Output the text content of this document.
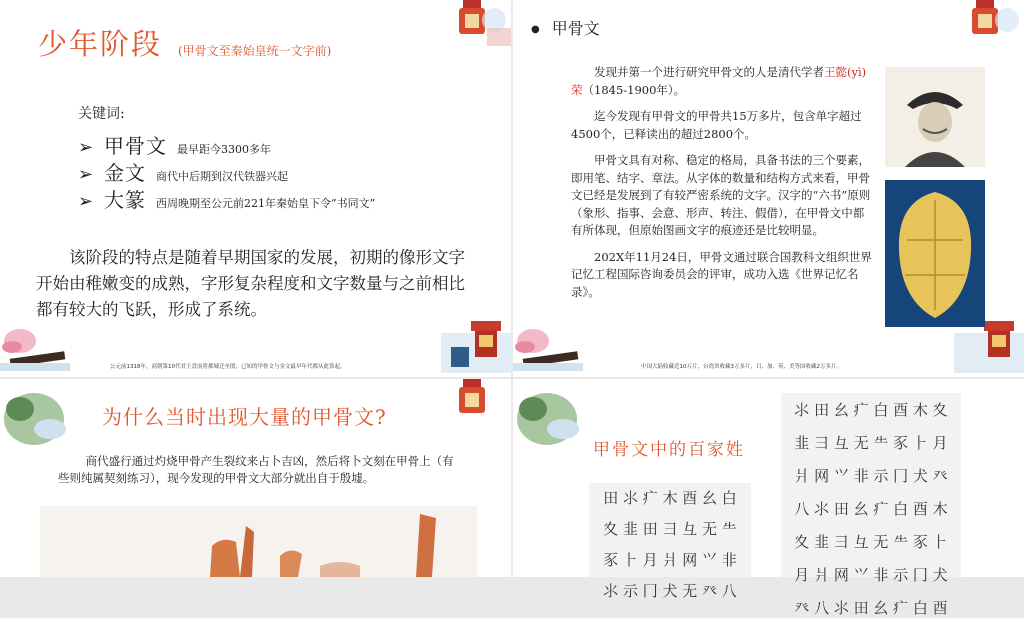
少年阶段 (甲骨文至秦始皇统一文字前)
关键词:
➢ 甲骨文 最早距今3300多年
➢ 金文 商代中后期到汉代铁器兴起
➢ 大篆 西周晚期至公元前221年秦始皇下令“书同文”

该阶段的特点是随着早期国家的发展，初期的像形文字开始由稚嫩变的成熟，字形复杂程度和文字数量与之前相比都有较大的飞跃，形成了系统。

公元前1318年，商朝第10代君王盘庚将都城迁至殷，已知的甲骨文与金文最早年代都从此算起。
● 甲骨文

发现并第一个进行研究甲骨文的人是清代学者王懿(yì)荣（1845-1900年）。

迄今发现有甲骨文的甲骨共15万多片，包含单字超过4500个，已释读出的超过2800个。

甲骨文具有对称、稳定的格局，具备书法的三个要素，即用笔、结字、章法。从字体的数量和结构方式来看，甲骨文已经是发展到了有较严密系统的文字。汉字的“六书”原则（象形、指事、会意、形声、转注、假借），在甲骨文中都有所体现，但原始图画文字的痕迹还是比较明显。

202X年11月24日，甲骨文通过联合国教科文组织世界记忆工程国际咨询委员会的评审，成功入选《世界记忆名录》。

中国大陆收藏近10万片，台湾省收藏3万多片，日、加、英、美等国收藏2万多片。
为什么当时出现大量的甲骨文?

商代盛行通过灼烧甲骨产生裂纹来占卜吉凶，然后将卜文刻在甲骨上（有些则纯属契刻练习），现今发现的甲骨文大部分就出自于殷墟。

甲骨文中的百家姓
⽥ ⺢ ⽧ ⽊ ⾣ ⺓ ⽩
⼢ ⾲ ⽥ ⺕ ⺔ ⽆ ⺧
⾗ ⺊ ⽉ ⽙ ⽹ ⺍ ⾮
⺢ ⽰ ⼌ ⽝ ⽆ ⽨ ⼋
⺢ ⽥ ⺓ ⽧ ⽩ ⾣ ⽊ ⼢
⾲ ⺕ ⺔ ⽆ ⺧ ⾗ ⺊ ⽉
⽙ ⽹ ⺍ ⾮ ⽰ ⼌ ⽝ ⽨
⼋ ⺢ ⽥ ⺓ ⽧ ⽩ ⾣ ⽊
⼢ ⾲ ⺕ ⺔ ⽆ ⺧ ⾗ ⺊
⽉ ⽙ ⽹ ⺍ ⾮ ⽰ ⼌ ⽝
⽨ ⼋ ⺢ ⽥ ⺓ ⽧ ⽩ ⾣
